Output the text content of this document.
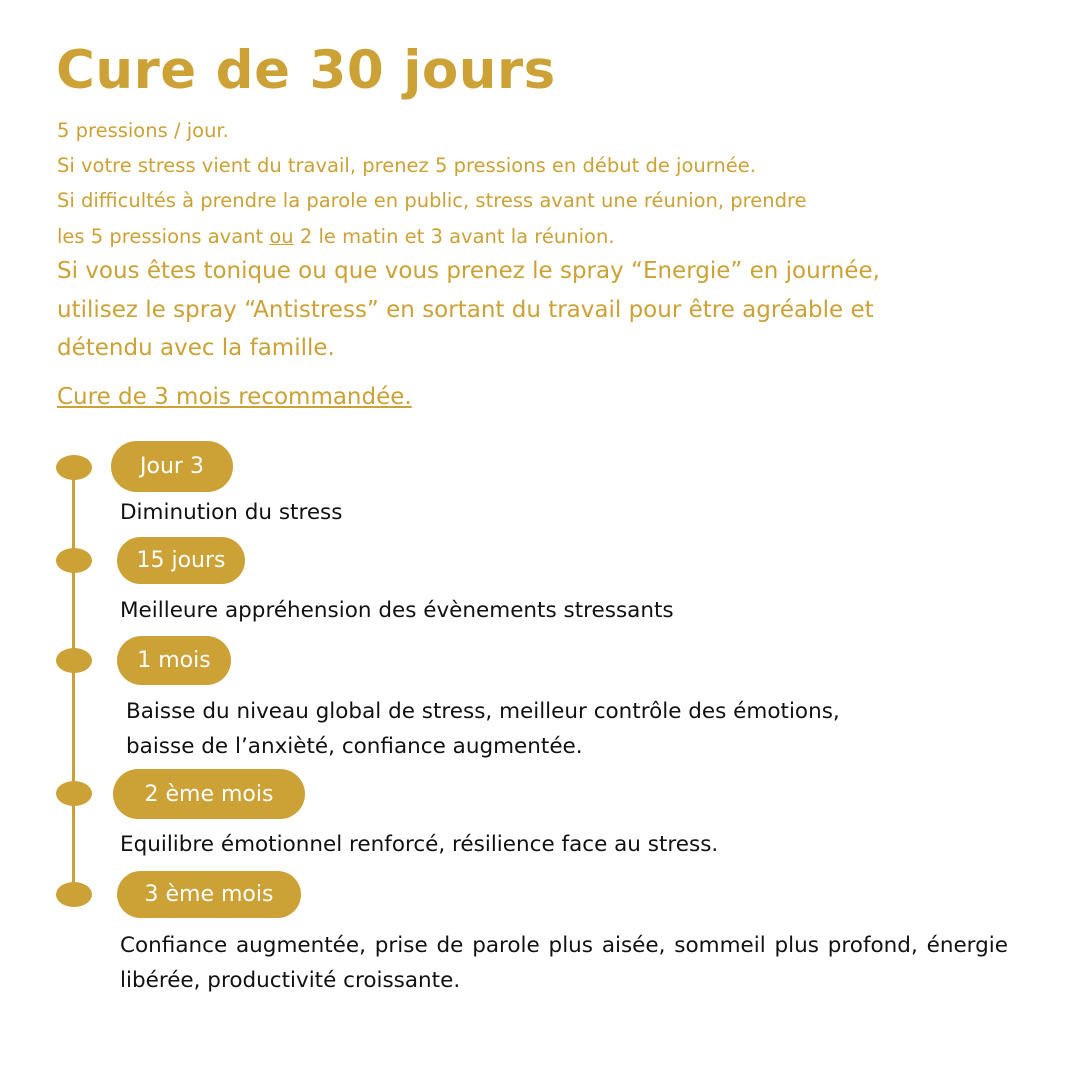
Cure de 30 jours
5 pressions / jour.
Si votre stress vient du travail, prenez 5 pressions en début de journée.
Si difficultés à prendre la parole en public, stress avant une réunion, prendre
les 5 pressions avant ou 2 le matin et 3 avant la réunion.
Si vous êtes tonique ou que vous prenez le spray “Energie” en journée,
utilisez le spray “Antistress” en sortant du travail pour être agréable et
détendu avec la famille.
Cure de 3 mois recommandée.
Jour 3
Diminution du stress
15 jours
Meilleure appréhension des évènements stressants
1 mois
Baisse du niveau global de stress, meilleur contrôle des émotions,
baisse de l’anxièté, confiance augmentée.
2 ème mois
Equilibre émotionnel renforcé, résilience face au stress.
3 ème mois
Confiance augmentée, prise de parole plus aisée, sommeil plus profond, énergie libérée, productivité croissante.
